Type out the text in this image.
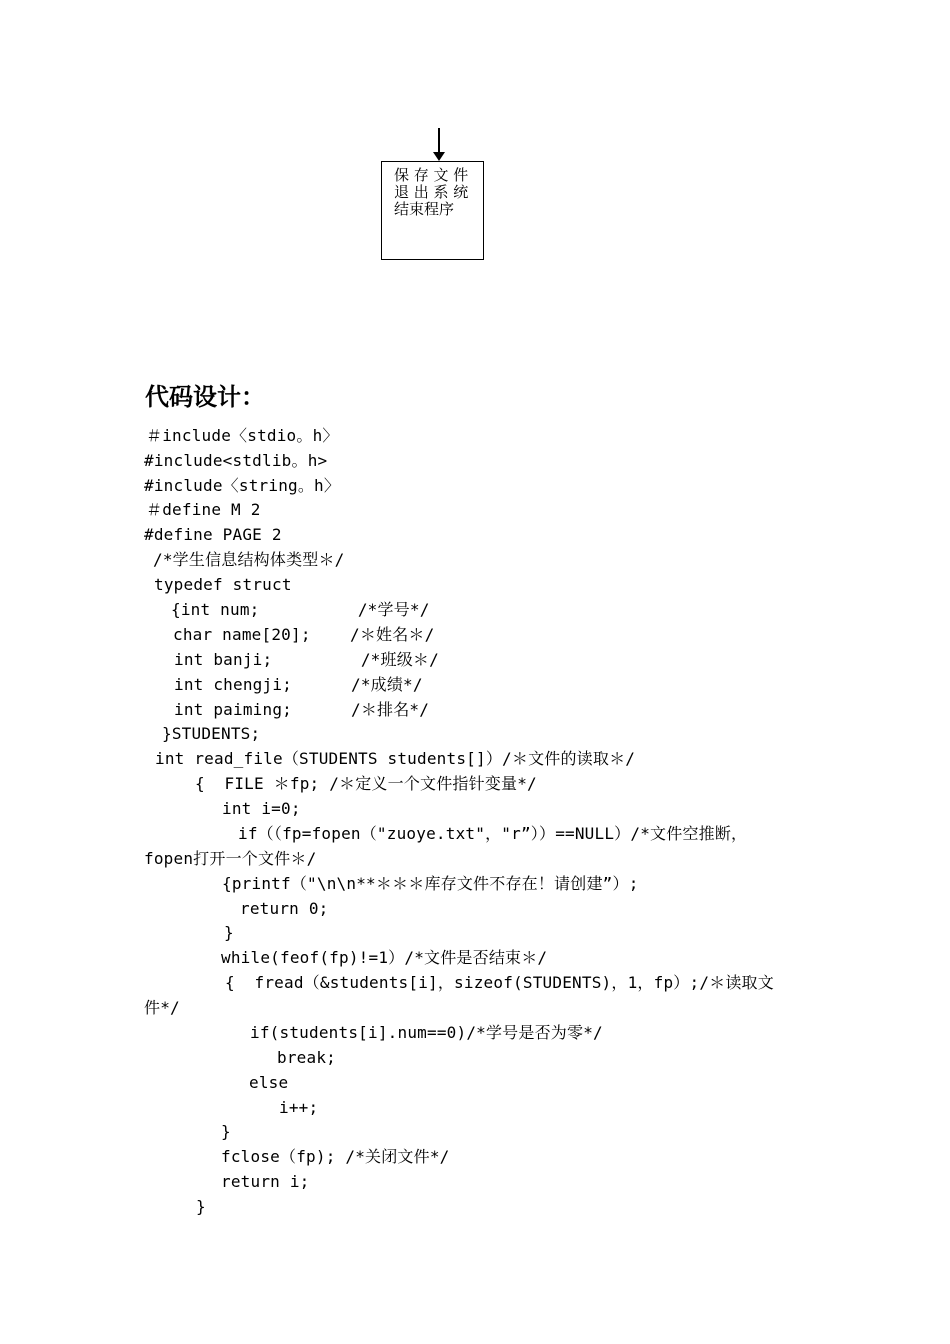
保 存 文 件
退 出 系 统
结束程序
代码设计：
＃include〈stdio。h〉
#include<stdlib。h>
#include〈string。h〉
＃define M 2
#define PAGE 2
/*学生信息结构体类型＊/
typedef struct
{int num;          /*学号*/
char name[20];    /＊姓名＊/
int banji;         /*班级＊/
int chengji;      /*成绩*/
int paiming;      /＊排名*/
}STUDENTS;
int read_file（STUDENTS students[]）/＊文件的读取＊/
{  FILE ＊fp; /＊定义一个文件指针变量*/
int i=0;
if（（fp=fopen（"zuoye.txt"，"r”））==NULL）/*文件空推断，
fopen打开一个文件＊/
{printf（"\n\n**＊＊＊库存文件不存在！请创建”）;
return 0;
}
while(feof(fp)!=1）/*文件是否结束＊/
{  fread（&students[i]，sizeof(STUDENTS)，1，fp）;/＊读取文
件*/
if(students[i].num==0)/*学号是否为零*/
break;
else
i++;
}
fclose（fp); /*关闭文件*/
return i;
}
